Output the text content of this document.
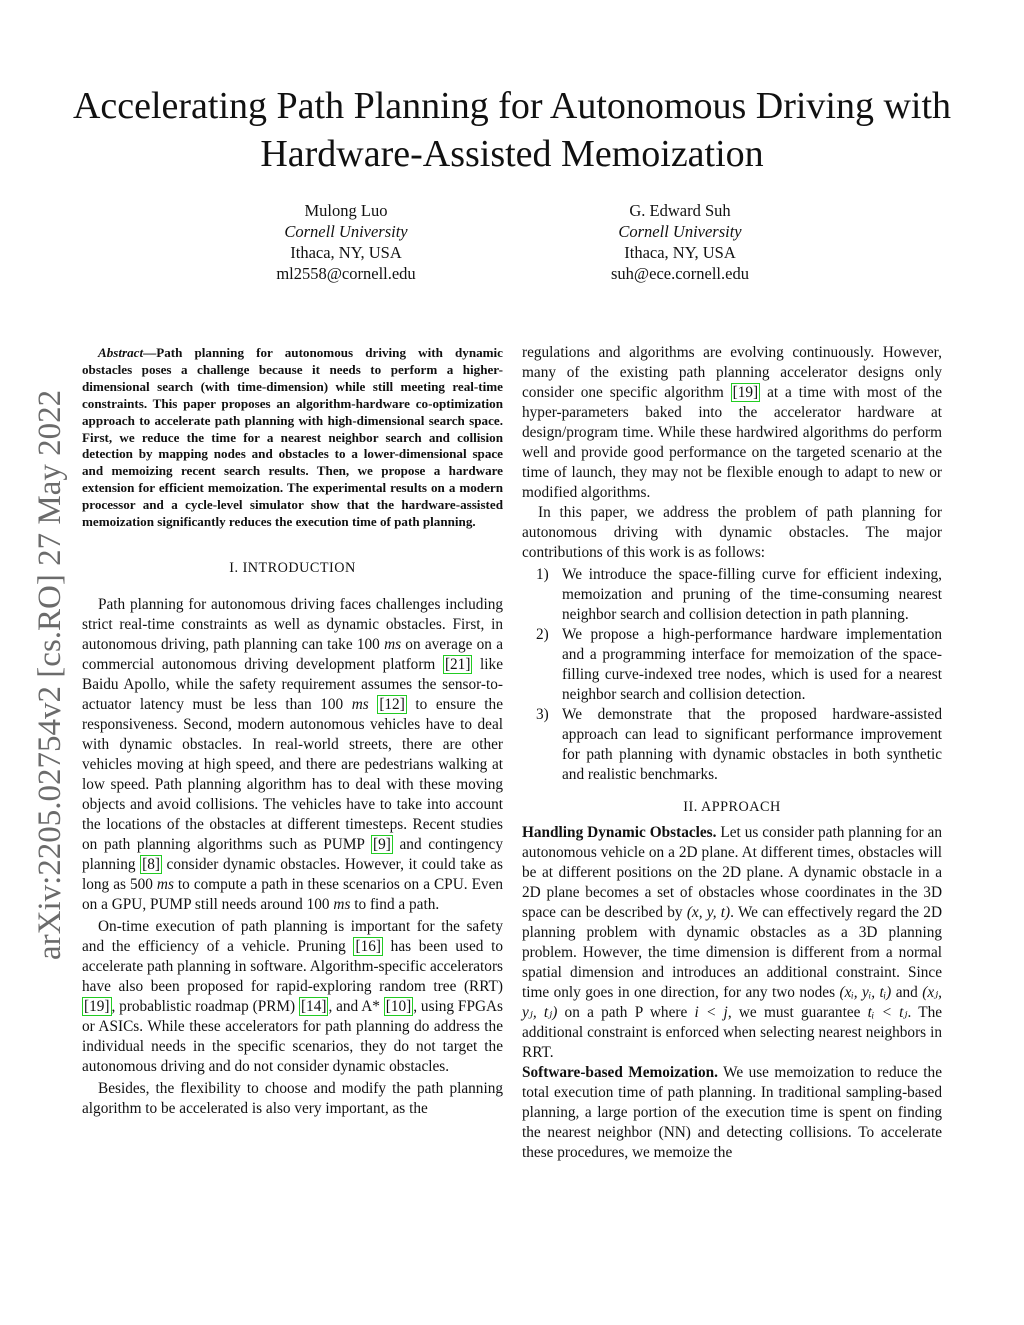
Accelerating Path Planning for Autonomous Driving with Hardware-Assisted Memoization
Mulong Luo
Cornell University
Ithaca, NY, USA
ml2558@cornell.edu
G. Edward Suh
Cornell University
Ithaca, NY, USA
suh@ece.cornell.edu
arXiv:2205.02754v2 [cs.RO] 27 May 2022

Abstract—Path planning for autonomous driving with dynamic obstacles poses a challenge because it needs to perform a higher-dimensional search (with time-dimension) while still meeting real-time constraints. This paper proposes an algorithm-hardware co-optimization approach to accelerate path planning with high-dimensional search space. First, we reduce the time for a nearest neighbor search and collision detection by mapping nodes and obstacles to a lower-dimensional space and memoizing recent search results. Then, we propose a hardware extension for efficient memoization. The experimental results on a modern processor and a cycle-level simulator show that the hardware-assisted memoization significantly reduces the execution time of path planning.

I. INTRODUCTION

Path planning for autonomous driving faces challenges including strict real-time constraints as well as dynamic obstacles. First, in autonomous driving, path planning can take 100 ms on average on a commercial autonomous driving development platform [21] like Baidu Apollo, while the safety requirement assumes the sensor-to-actuator latency must be less than 100 ms [12] to ensure the responsiveness. Second, modern autonomous vehicles have to deal with dynamic obstacles. In real-world streets, there are other vehicles moving at high speed, and there are pedestrians walking at low speed. Path planning algorithm has to deal with these moving objects and avoid collisions. The vehicles have to take into account the locations of the obstacles at different timesteps. Recent studies on path planning algorithms such as PUMP [9] and contingency planning [8] consider dynamic obstacles. However, it could take as long as 500 ms to compute a path in these scenarios on a CPU. Even on a GPU, PUMP still needs around 100 ms to find a path.

On-time execution of path planning is important for the safety and the efficiency of a vehicle. Pruning [16] has been used to accelerate path planning in software. Algorithm-specific accelerators have also been proposed for rapid-exploring random tree (RRT) [19] , probablistic roadmap (PRM) [14] , and A* [10] , using FPGAs or ASICs. While these accelerators for path planning do address the individual needs in the specific scenarios, they do not target the autonomous driving and do not consider dynamic obstacles.

Besides, the flexibility to choose and modify the path planning algorithm to be accelerated is also very important, as the

regulations and algorithms are evolving continuously. However, many of the existing path planning accelerator designs only consider one specific algorithm [19] at a time with most of the hyper-parameters baked into the accelerator hardware at design/program time. While these hardwired algorithms do perform well and provide good performance on the targeted scenario at the time of launch, they may not be flexible enough to adapt to new or modified algorithms.

In this paper, we address the problem of path planning for autonomous driving with dynamic obstacles. The major contributions of this work is as follows:

1) We introduce the space-filling curve for efficient indexing, memoization and pruning of the time-consuming nearest neighbor search and collision detection in path planning.
2) We propose a high-performance hardware implementation and a programming interface for memoization of the space-filling curve-indexed tree nodes, which is used for a nearest neighbor search and collision detection.
3) We demonstrate that the proposed hardware-assisted approach can lead to significant performance improvement for path planning with dynamic obstacles in both synthetic and realistic benchmarks.

II. APPROACH

Handling Dynamic Obstacles. Let us consider path planning for an autonomous vehicle on a 2D plane. At different times, obstacles will be at different positions on the 2D plane. A dynamic obstacle in a 2D plane becomes a set of obstacles whose coordinates in the 3D space can be described by (x, y, t). We can effectively regard the 2D planning problem with dynamic obstacles as a 3D planning problem. However, the time dimension is different from a normal spatial dimension and introduces an additional constraint. Since time only goes in one direction, for any two nodes (xᵢ, yᵢ, tᵢ) and (xⱼ, yⱼ, tⱼ) on a path P where i < j, we must guarantee tᵢ < tⱼ. The additional constraint is enforced when selecting nearest neighbors in RRT.

Software-based Memoization. We use memoization to reduce the total execution time of path planning. In traditional sampling-based planning, a large portion of the execution time is spent on finding the nearest neighbor (NN) and detecting collisions. To accelerate these procedures, we memoize the
